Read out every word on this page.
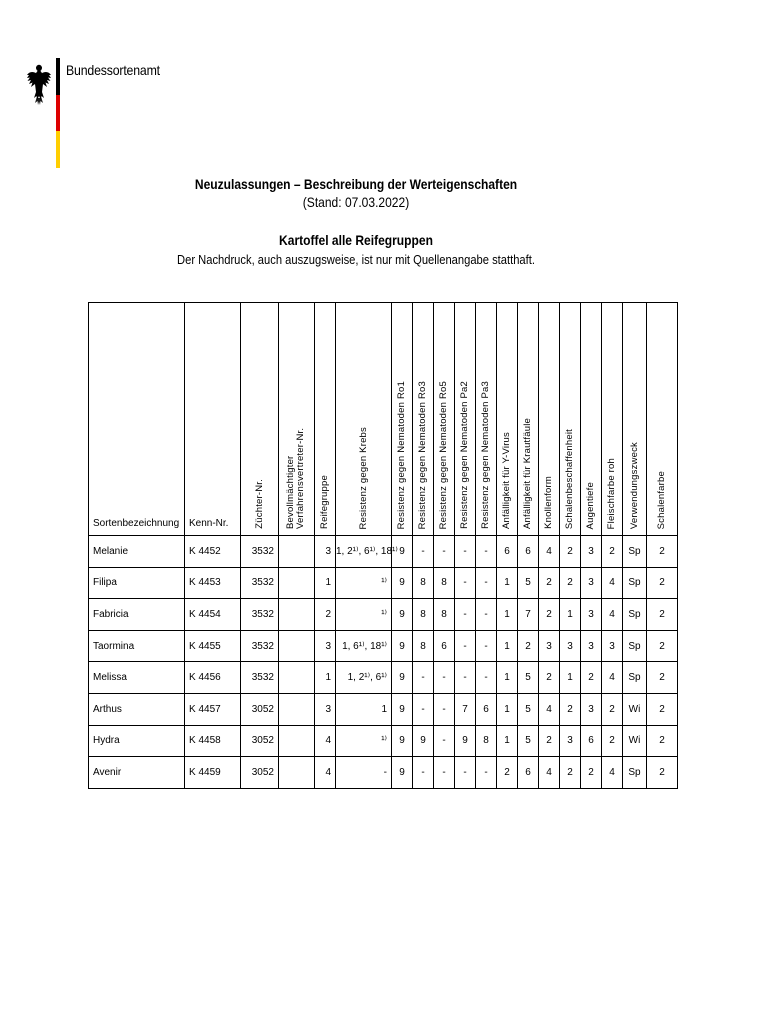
Bundessortenamt
Neuzulassungen – Beschreibung der Werteigenschaften
(Stand: 07.03.2022)
Kartoffel alle Reifegruppen
Der Nachdruck, auch auszugsweise, ist nur mit Quellenangabe statthaft.
Sortenbezeichnung	Kenn-Nr.	Züchter-Nr.	Bevollmächtigter Verfahrensvertreter-Nr.	Reifegruppe	Resistenz gegen Krebs	Resistenz gegen Nematoden Ro1	Resistenz gegen Nematoden Ro3	Resistenz gegen Nematoden Ro5	Resistenz gegen Nematoden Pa2	Resistenz gegen Nematoden Pa3	Anfälligkeit für Y-Virus	Anfälligkeit für Krautfäule	Knollenform	Schalenbeschaffenheit	Augentiefe	Fleischfarbe roh	Verwendungszweck	Schalenfarbe

Melanie	K 4452	3532		3	1, 2¹⁾, 6¹⁾, 18¹⁾	9	-	-	-	-	6	6	4	2	3	2	Sp	2
Filipa	K 4453	3532		1	¹⁾	9	8	8	-	-	1	5	2	2	3	4	Sp	2
Fabricia	K 4454	3532		2	¹⁾	9	8	8	-	-	1	7	2	1	3	4	Sp	2
Taormina	K 4455	3532		3	1, 6¹⁾, 18¹⁾	9	8	6	-	-	1	2	3	3	3	3	Sp	2
Melissa	K 4456	3532		1	1, 2¹⁾, 6¹⁾	9	-	-	-	-	1	5	2	1	2	4	Sp	2
Arthus	K 4457	3052		3	1	9	-	-	7	6	1	5	4	2	3	2	Wi	2
Hydra	K 4458	3052		4	¹⁾	9	9	-	9	8	1	5	2	3	6	2	Wi	2
Avenir	K 4459	3052		4	-	9	-	-	-	-	2	6	4	2	2	4	Sp	2
